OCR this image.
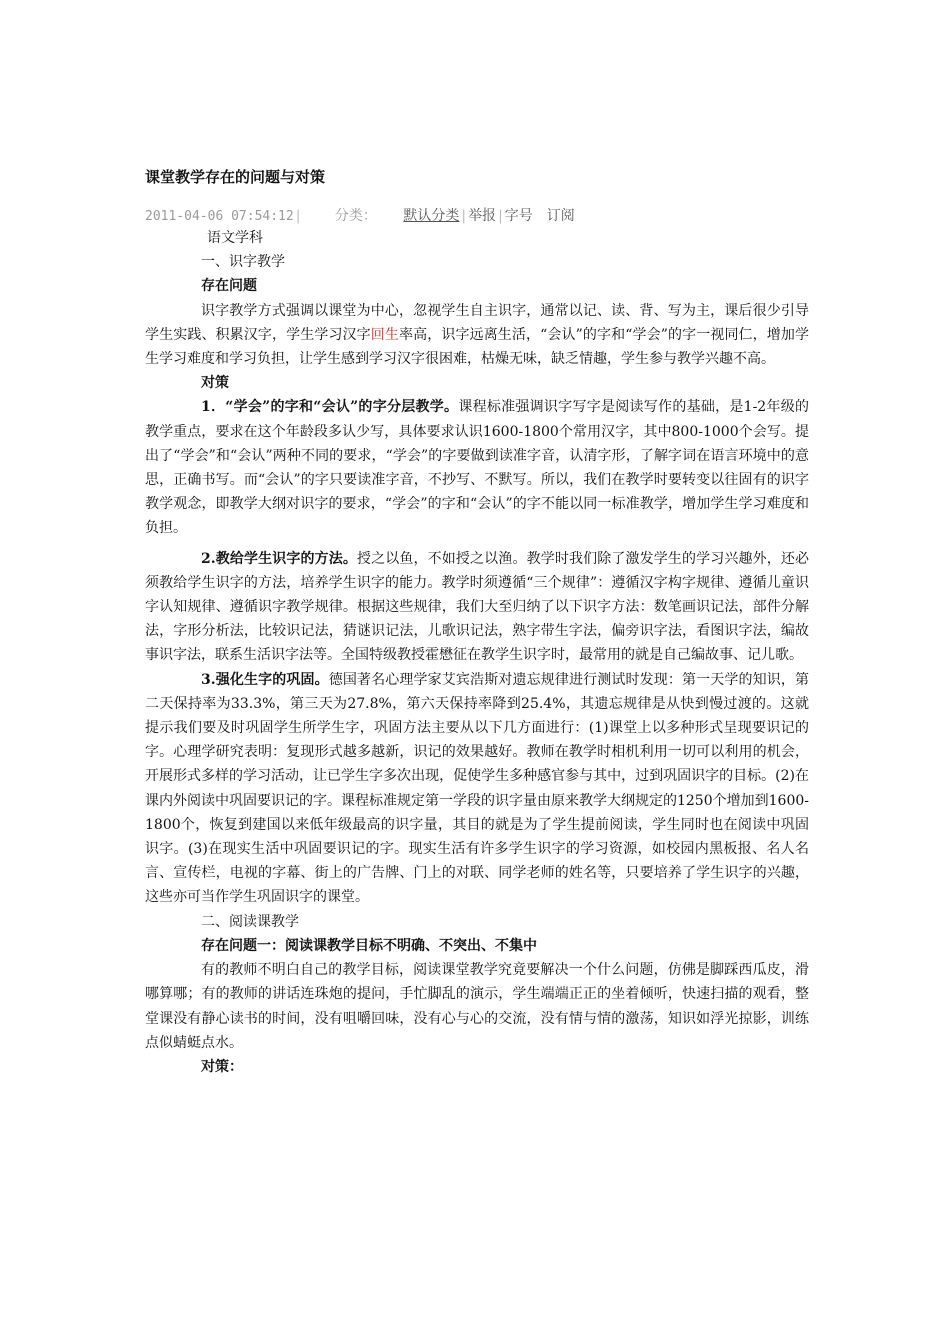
课堂教学存在的问题与对策
2011-04-06 07:54:12 | 分类： 默认分类 | 举报 | 字号 订阅

语文学科

一、识字教学

存在问题

识字教学方式强调以课堂为中心，忽视学生自主识字，通常以记、读、背、写为主，课后很少引导学生实践、积累汉字，学生学习汉字回生率高，识字远离生活，“会认”的字和“学会”的字一视同仁，增加学生学习难度和学习负担，让学生感到学习汉字很困难，枯燥无味，缺乏情趣，学生参与教学兴趣不高。

对策

1．“学会”的字和“会认”的字分层教学。课程标准强调识字写字是阅读写作的基础，是1-2年级的教学重点，要求在这个年龄段多认少写，具体要求认识1600-1800个常用汉字，其中800-1000个会写。提出了“学会”和“会认”两种不同的要求，“学会”的字要做到读准字音，认清字形，了解字词在语言环境中的意思，正确书写。而“会认”的字只要读准字音，不抄写、不默写。所以，我们在教学时要转变以往固有的识字教学观念，即教学大纲对识字的要求，“学会”的字和“会认”的字不能以同一标准教学，增加学生学习难度和负担。

2.教给学生识字的方法。授之以鱼，不如授之以渔。教学时我们除了激发学生的学习兴趣外，还必须教给学生识字的方法，培养学生识字的能力。教学时须遵循“三个规律”：遵循汉字构字规律、遵循儿童识字认知规律、遵循识字教学规律。根据这些规律，我们大至归纳了以下识字方法：数笔画识记法，部件分解法，字形分析法，比较识记法，猜谜识记法，儿歌识记法，熟字带生字法，偏旁识字法，看图识字法，编故事识字法，联系生活识字法等。全国特级教授霍懋征在教学生识字时，最常用的就是自己编故事、记儿歌。

3.强化生字的巩固。德国著名心理学家艾宾浩斯对遗忘规律进行测试时发现：第一天学的知识，第二天保持率为33.3%，第三天为27.8%，第六天保持率降到25.4%，其遗忘规律是从快到慢过渡的。这就提示我们要及时巩固学生所学生字，巩固方法主要从以下几方面进行：(1)课堂上以多种形式呈现要识记的字。心理学研究表明：复现形式越多越新，识记的效果越好。教师在教学时相机利用一切可以利用的机会，开展形式多样的学习活动，让已学生字多次出现，促使学生多种感官参与其中，过到巩固识字的目标。(2)在课内外阅读中巩固要识记的字。课程标准规定第一学段的识字量由原来教学大纲规定的1250个增加到1600-1800个，恢复到建国以来低年级最高的识字量，其目的就是为了学生提前阅读，学生同时也在阅读中巩固识字。(3)在现实生活中巩固要识记的字。现实生活有许多学生识字的学习资源，如校园内黑板报、名人名言、宣传栏，电视的字幕、街上的广告牌、门上的对联、同学老师的姓名等，只要培养了学生识字的兴趣，这些亦可当作学生巩固识字的课堂。

二、阅读课教学

存在问题一：阅读课教学目标不明确、不突出、不集中

有的教师不明白自己的教学目标，阅读课堂教学究竟要解决一个什么问题，仿佛是脚踩西瓜皮，滑哪算哪；有的教师的讲话连珠炮的提问，手忙脚乱的演示，学生端端正正的坐着倾听，快速扫描的观看，整堂课没有静心读书的时间，没有咀嚼回味，没有心与心的交流，没有情与情的激荡，知识如浮光掠影，训练点似蜻蜓点水。

对策：
